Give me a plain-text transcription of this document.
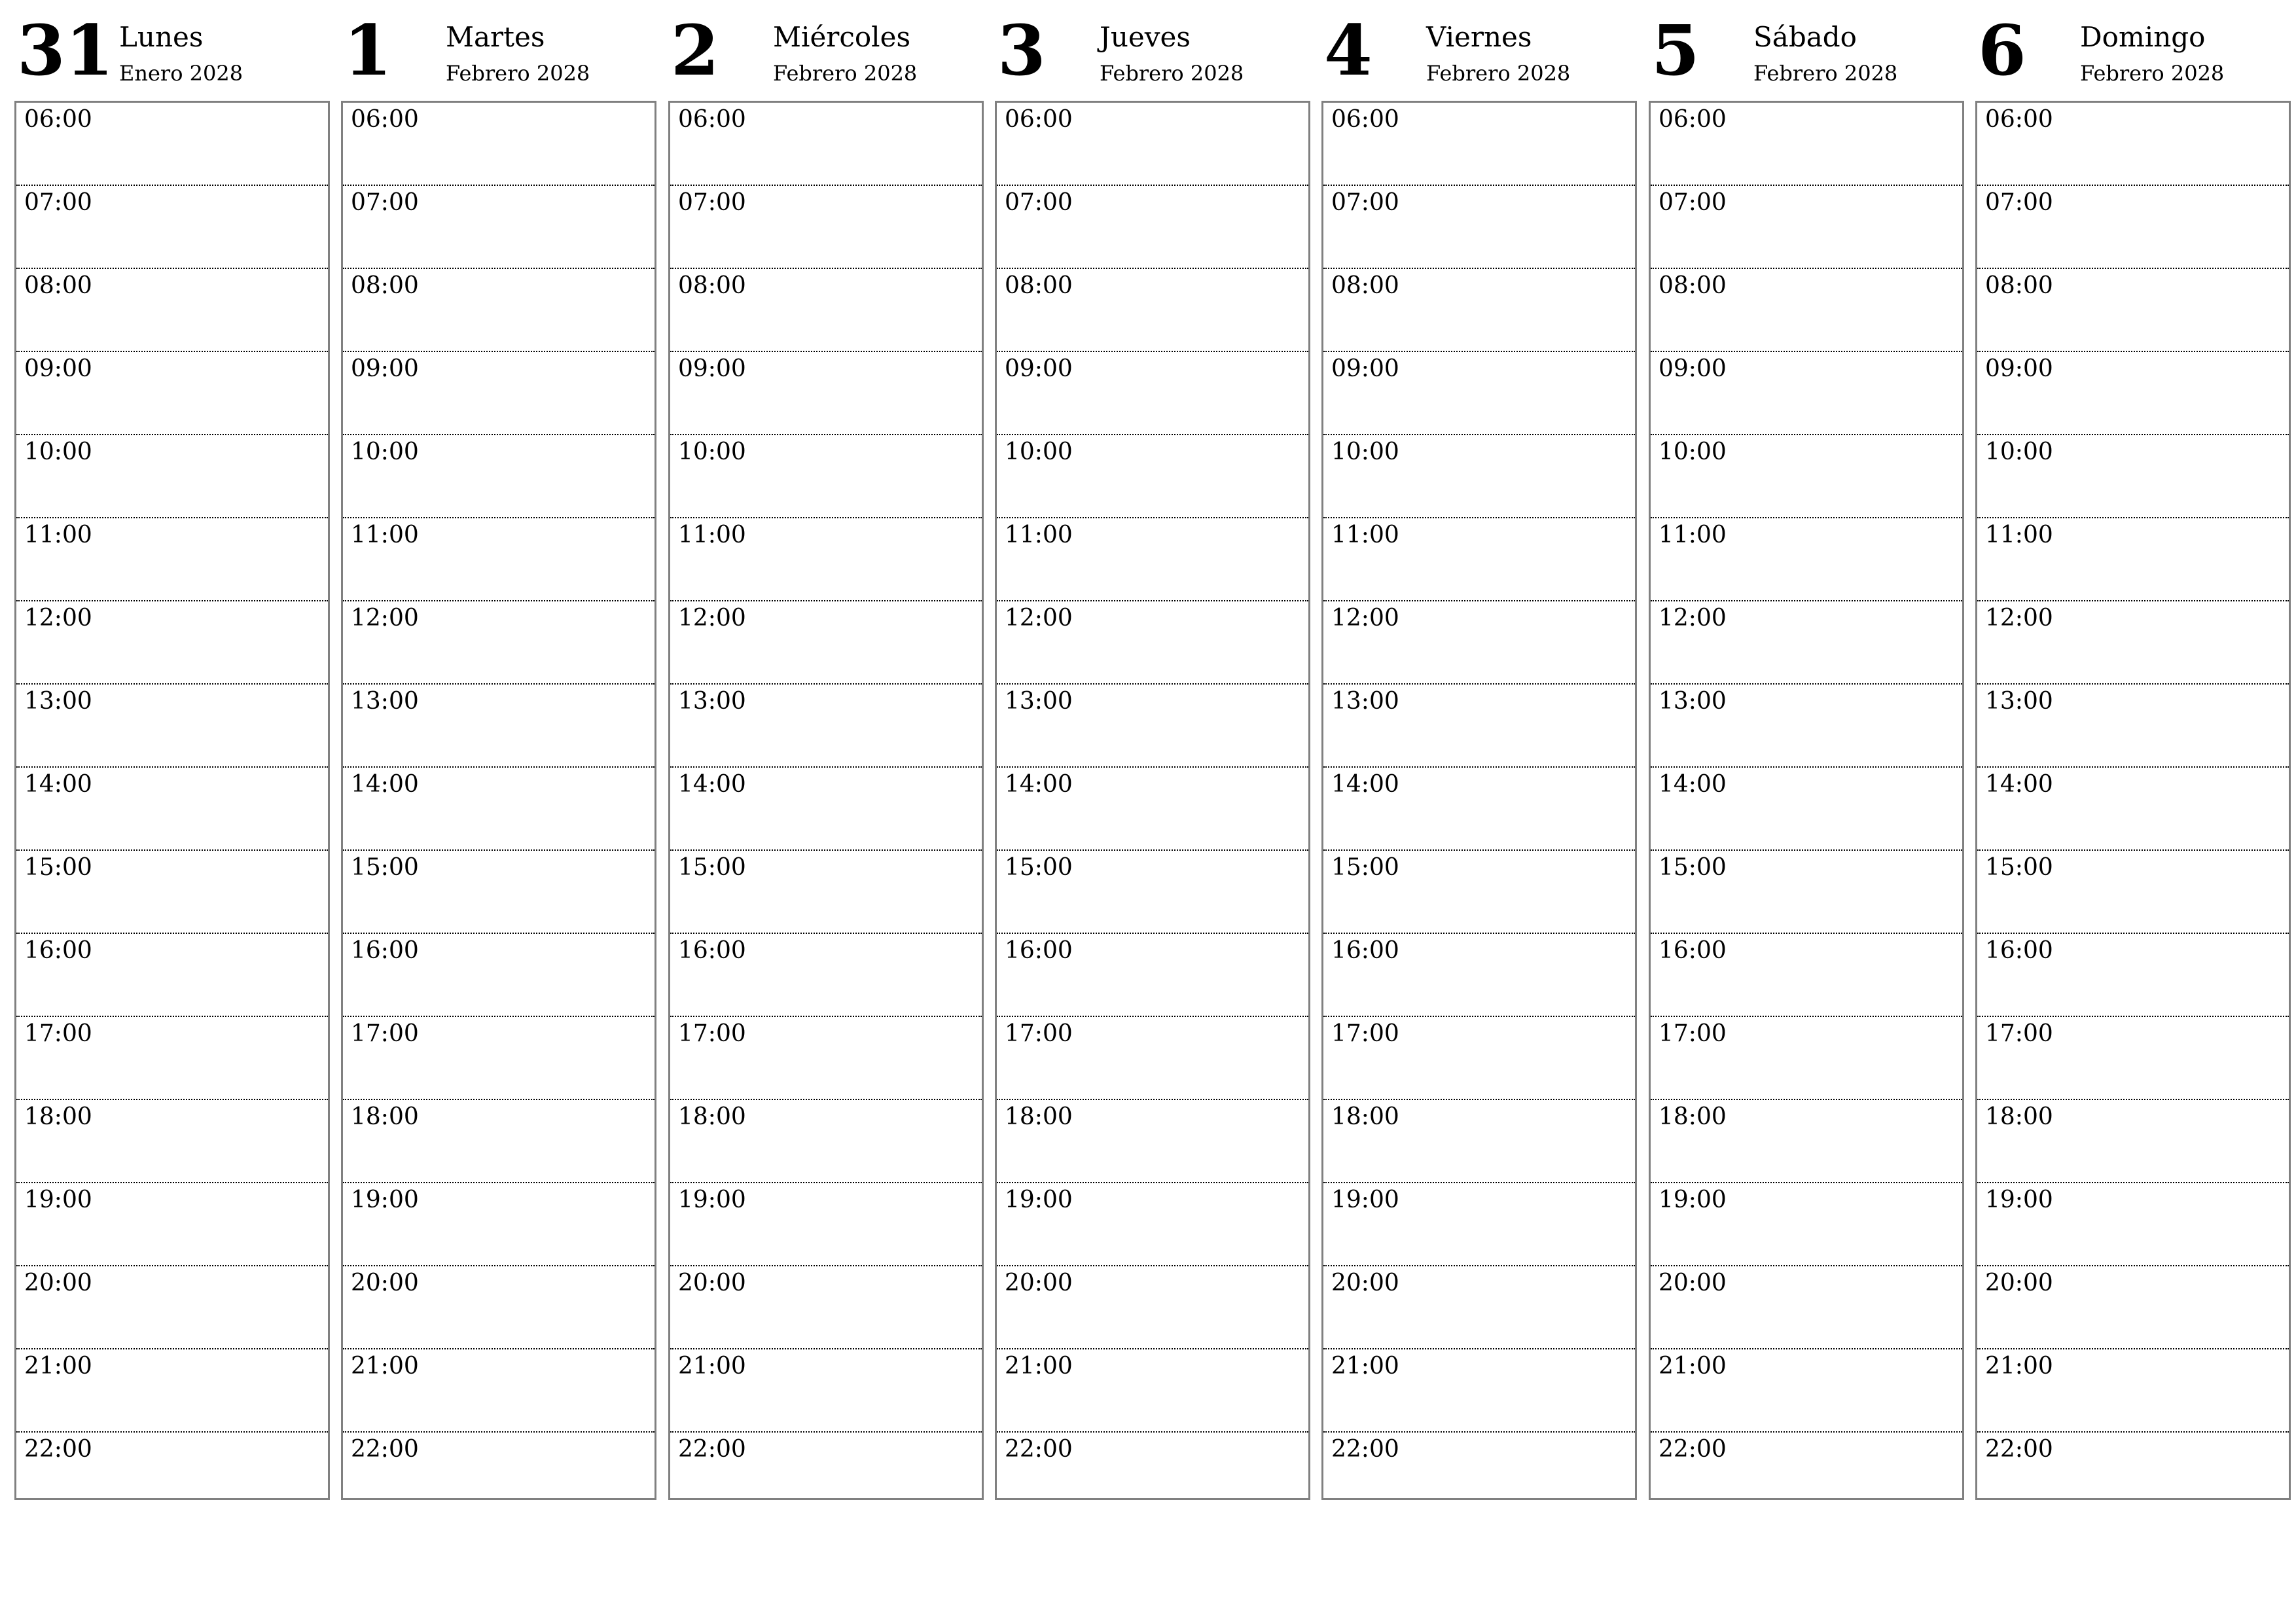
31 Lunes
Enero 2028
06:00
07:00
08:00
09:00
10:00
11:00
12:00
13:00
14:00
15:00
16:00
17:00
18:00
19:00
20:00
21:00
22:00
1 Martes
Febrero 2028
06:00
07:00
08:00
09:00
10:00
11:00
12:00
13:00
14:00
15:00
16:00
17:00
18:00
19:00
20:00
21:00
22:00
2 Miércoles
Febrero 2028
06:00
07:00
08:00
09:00
10:00
11:00
12:00
13:00
14:00
15:00
16:00
17:00
18:00
19:00
20:00
21:00
22:00
3 Jueves
Febrero 2028
06:00
07:00
08:00
09:00
10:00
11:00
12:00
13:00
14:00
15:00
16:00
17:00
18:00
19:00
20:00
21:00
22:00
4 Viernes
Febrero 2028
06:00
07:00
08:00
09:00
10:00
11:00
12:00
13:00
14:00
15:00
16:00
17:00
18:00
19:00
20:00
21:00
22:00
5 Sábado
Febrero 2028
06:00
07:00
08:00
09:00
10:00
11:00
12:00
13:00
14:00
15:00
16:00
17:00
18:00
19:00
20:00
21:00
22:00
6 Domingo
Febrero 2028
06:00
07:00
08:00
09:00
10:00
11:00
12:00
13:00
14:00
15:00
16:00
17:00
18:00
19:00
20:00
21:00
22:00
